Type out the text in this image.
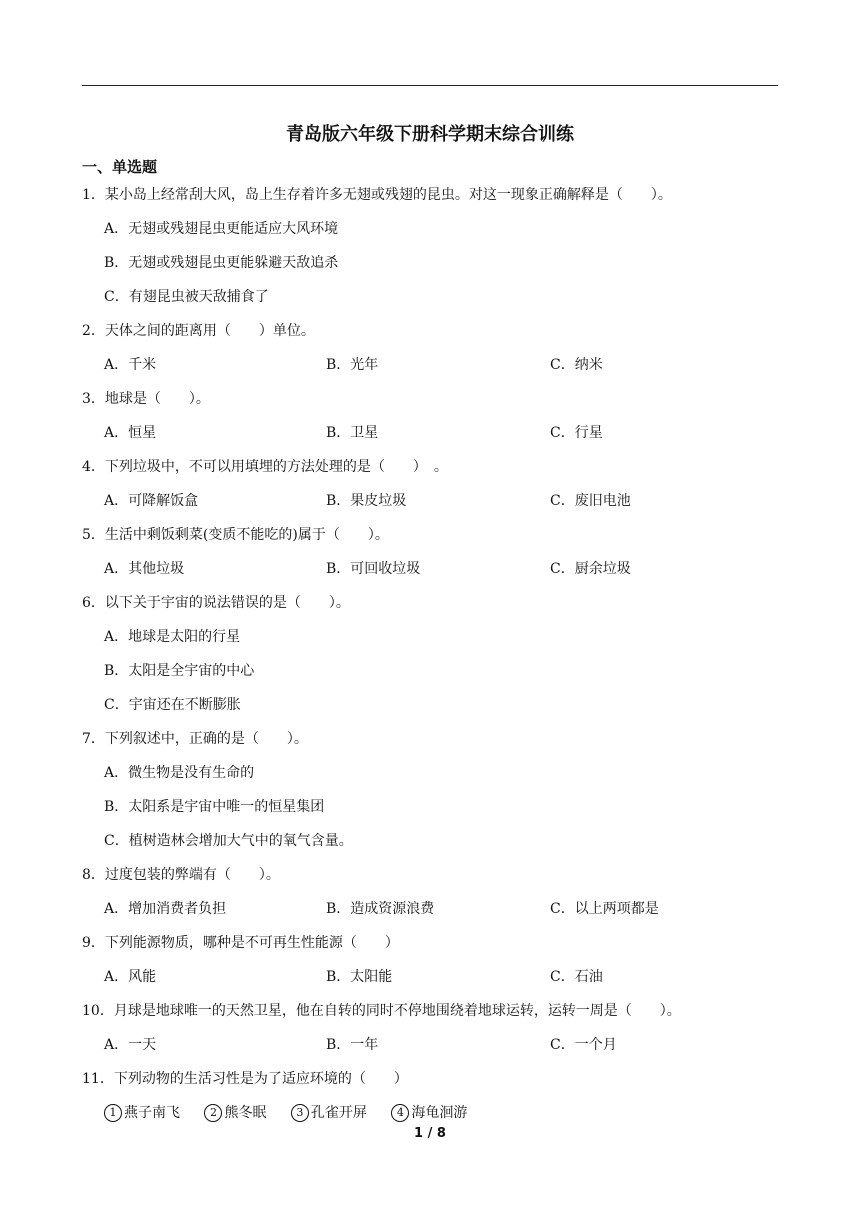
青岛版六年级下册科学期末综合训练
一、单选题
1．某小岛上经常刮大风，岛上生存着许多无翅或残翅的昆虫。对这一现象正确解释是（　　）。
A．无翅或残翅昆虫更能适应大风环境
B．无翅或残翅昆虫更能躲避天敌追杀
C．有翅昆虫被天敌捕食了
2．天体之间的距离用（　　）单位。
A．千米	B．光年	C．纳米
3．地球是（　　）。
A．恒星	B．卫星	C．行星
4．下列垃圾中，不可以用填埋的方法处理的是（　　）　。
A．可降解饭盒	B．果皮垃圾	C．废旧电池
5．生活中剩饭剩菜(变质不能吃的)属于（　　）。
A．其他垃圾	B．可回收垃圾	C．厨余垃圾
6．以下关于宇宙的说法错误的是（　　）。
A．地球是太阳的行星
B．太阳是全宇宙的中心
C．宇宙还在不断膨胀
7．下列叙述中，正确的是（　　）。
A．微生物是没有生命的
B．太阳系是宇宙中唯一的恒星集团
C．植树造林会增加大气中的氧气含量。
8．过度包装的弊端有（　　）。
A．增加消费者负担	B．造成资源浪费	C．以上两项都是
9．下列能源物质，哪种是不可再生性能源（　　）
A．风能	B．太阳能	C．石油
10．月球是地球唯一的天然卫星，他在自转的同时不停地围绕着地球运转，运转一周是（　　）。
A．一天	B．一年	C．一个月
11．下列动物的生活习性是为了适应环境的（　　）
1 燕子南飞	2 熊冬眠	3 孔雀开屏	4 海龟洄游
1 / 8
